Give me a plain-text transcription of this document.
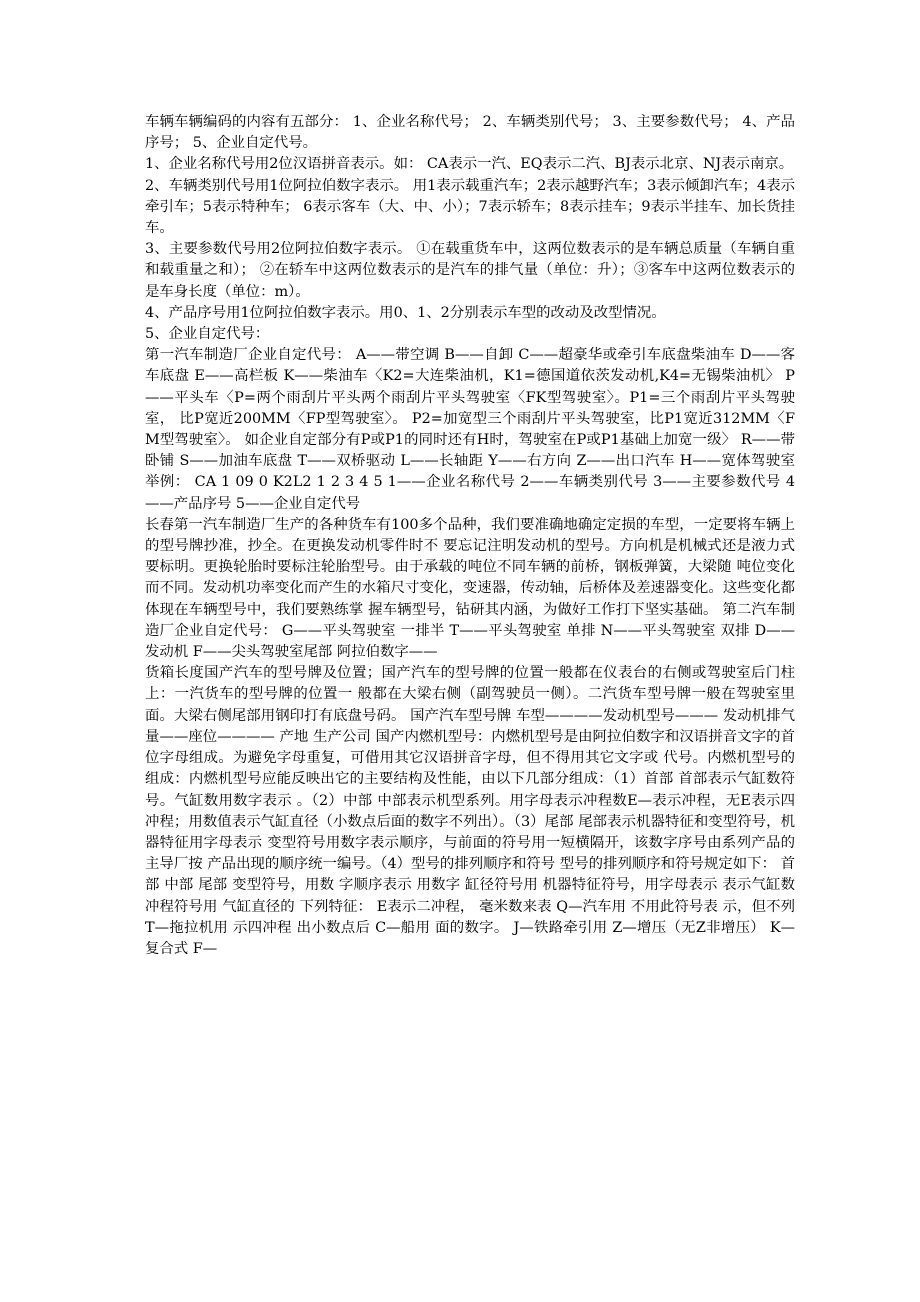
车辆车辆编码的内容有五部分： 1、企业名称代号； 2、车辆类别代号； 3、主要参数代号； 4、产品序号； 5、企业自定代号。

1、企业名称代号用2位汉语拼音表示。如： CA表示一汽、EQ表示二汽、BJ表示北京、NJ表示南京。

2、车辆类别代号用1位阿拉伯数字表示。 用1表示载重汽车；2表示越野汽车；3表示倾卸汽车；4表示牵引车；5表示特种车； 6表示客车（大、中、小）；7表示轿车；8表示挂车；9表示半挂车、加长货挂车。

3、主要参数代号用2位阿拉伯数字表示。 ①在载重货车中，这两位数表示的是车辆总质量（车辆自重和载重量之和）； ②在轿车中这两位数表示的是汽车的排气量（单位：升）；③客车中这两位数表示的是车身长度（单位：m）。

4、产品序号用1位阿拉伯数字表示。用0、1、2分别表示车型的改动及改型情况。

5、企业自定代号：

第一汽车制造厂企业自定代号： A——带空调 B——自卸 C——超豪华或牵引车底盘柴油车 D——客车底盘 E——高栏板 K——柴油车〈K2=大连柴油机，K1=德国道依茨发动机,K4=无锡柴油机〉 P——平头车〈P=两个雨刮片平头两个雨刮片平头驾驶室〈FK型驾驶室〉。P1=三个雨刮片平头驾驶室， 比P宽近200MM〈FP型驾驶室〉。 P2=加宽型三个雨刮片平头驾驶室，比P1宽近312MM〈FM型驾驶室〉。 如企业自定部分有P或P1的同时还有H时，驾驶室在P或P1基础上加宽一级〉 R——带卧铺 S——加油车底盘 T——双桥驱动 L——长轴距 Y——右方向 Z——出口汽车 H——宽体驾驶室 举例： CA 1 09 0 K2L2 1 2 3 4 5 1——企业名称代号 2——车辆类别代号 3——主要参数代号 4——产品序号 5——企业自定代号

长春第一汽车制造厂生产的各种货车有100多个品种，我们要准确地确定定损的车型，一定要将车辆上的型号牌抄准，抄全。在更换发动机零件时不 要忘记注明发动机的型号。方向机是机械式还是液力式要标明。更换轮胎时要标注轮胎型号。由于承载的吨位不同车辆的前桥，钢板弹簧，大梁随 吨位变化而不同。发动机功率变化而产生的水箱尺寸变化，变速器，传动轴，后桥体及差速器变化。这些变化都体现在车辆型号中，我们要熟练掌 握车辆型号，钻研其内涵，为做好工作打下坚实基础。 第二汽车制造厂企业自定代号： G——平头驾驶室 一排半 T——平头驾驶室 单排 N——平头驾驶室 双排 D——发动机 F——尖头驾驶室尾部 阿拉伯数字——

货箱长度国产汽车的型号牌及位置；国产汽车的型号牌的位置一般都在仪表台的右侧或驾驶室后门柱上：一汽货车的型号牌的位置一 般都在大梁右侧（副驾驶员一侧）。二汽货车型号牌一般在驾驶室里面。大梁右侧尾部用钢印打有底盘号码。 国产汽车型号牌 车型————发动机型号——— 发动机排气量——座位———— 产地 生产公司 国产内燃机型号：内燃机型号是由阿拉伯数字和汉语拼音文字的首位字母组成。为避免字母重复，可借用其它汉语拼音字母，但不得用其它文字或 代号。内燃机型号的组成：内燃机型号应能反映出它的主要结构及性能，由以下几部分组成：（1）首部 首部表示气缸数符号。气缸数用数字表示 。（2）中部 中部表示机型系列。用字母表示冲程数E—表示冲程，无E表示四冲程；用数值表示气缸直径（小数点后面的数字不列出）。（3）尾部 尾部表示机器特征和变型符号，机器特征用字母表示 变型符号用数字表示顺序，与前面的符号用一短横隔开，该数字序号由系列产品的主导厂按 产品出现的顺序统一编号。（4）型号的排列顺序和符号 型号的排列顺序和符号规定如下： 首部 中部 尾部 变型符号，用数 字顺序表示 用数字 缸径符号用 机器特征符号，用字母表示 表示气缸数 冲程符号用 气缸直径的 下列特征： E表示二冲程， 毫米数来表 Q—汽车用 不用此符号表 示，但不列 T—拖拉机用 示四冲程 出小数点后 C—船用 面的数字。 J—铁路牵引用 Z—增压（无Z非增压） K—复合式 F—
